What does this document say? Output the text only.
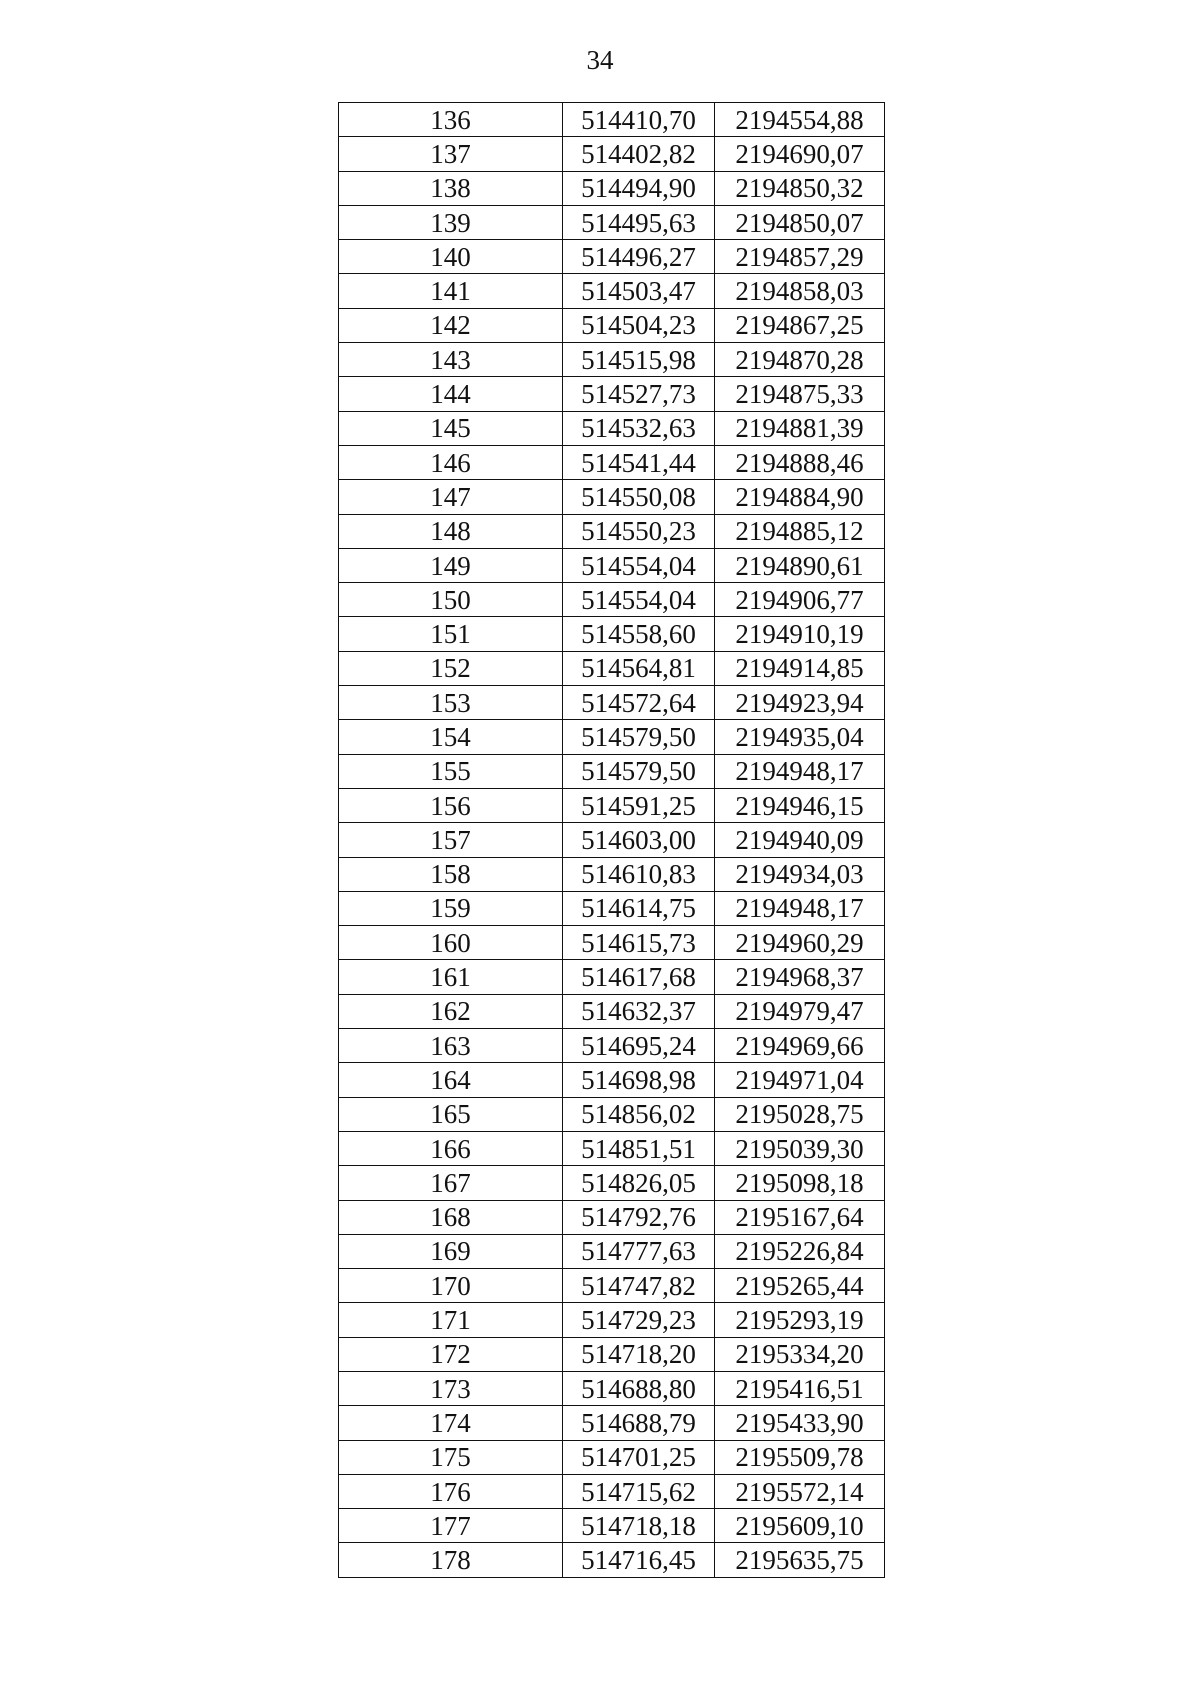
34
136	514410,70	2194554,88
137	514402,82	2194690,07
138	514494,90	2194850,32
139	514495,63	2194850,07
140	514496,27	2194857,29
141	514503,47	2194858,03
142	514504,23	2194867,25
143	514515,98	2194870,28
144	514527,73	2194875,33
145	514532,63	2194881,39
146	514541,44	2194888,46
147	514550,08	2194884,90
148	514550,23	2194885,12
149	514554,04	2194890,61
150	514554,04	2194906,77
151	514558,60	2194910,19
152	514564,81	2194914,85
153	514572,64	2194923,94
154	514579,50	2194935,04
155	514579,50	2194948,17
156	514591,25	2194946,15
157	514603,00	2194940,09
158	514610,83	2194934,03
159	514614,75	2194948,17
160	514615,73	2194960,29
161	514617,68	2194968,37
162	514632,37	2194979,47
163	514695,24	2194969,66
164	514698,98	2194971,04
165	514856,02	2195028,75
166	514851,51	2195039,30
167	514826,05	2195098,18
168	514792,76	2195167,64
169	514777,63	2195226,84
170	514747,82	2195265,44
171	514729,23	2195293,19
172	514718,20	2195334,20
173	514688,80	2195416,51
174	514688,79	2195433,90
175	514701,25	2195509,78
176	514715,62	2195572,14
177	514718,18	2195609,10
178	514716,45	2195635,75
